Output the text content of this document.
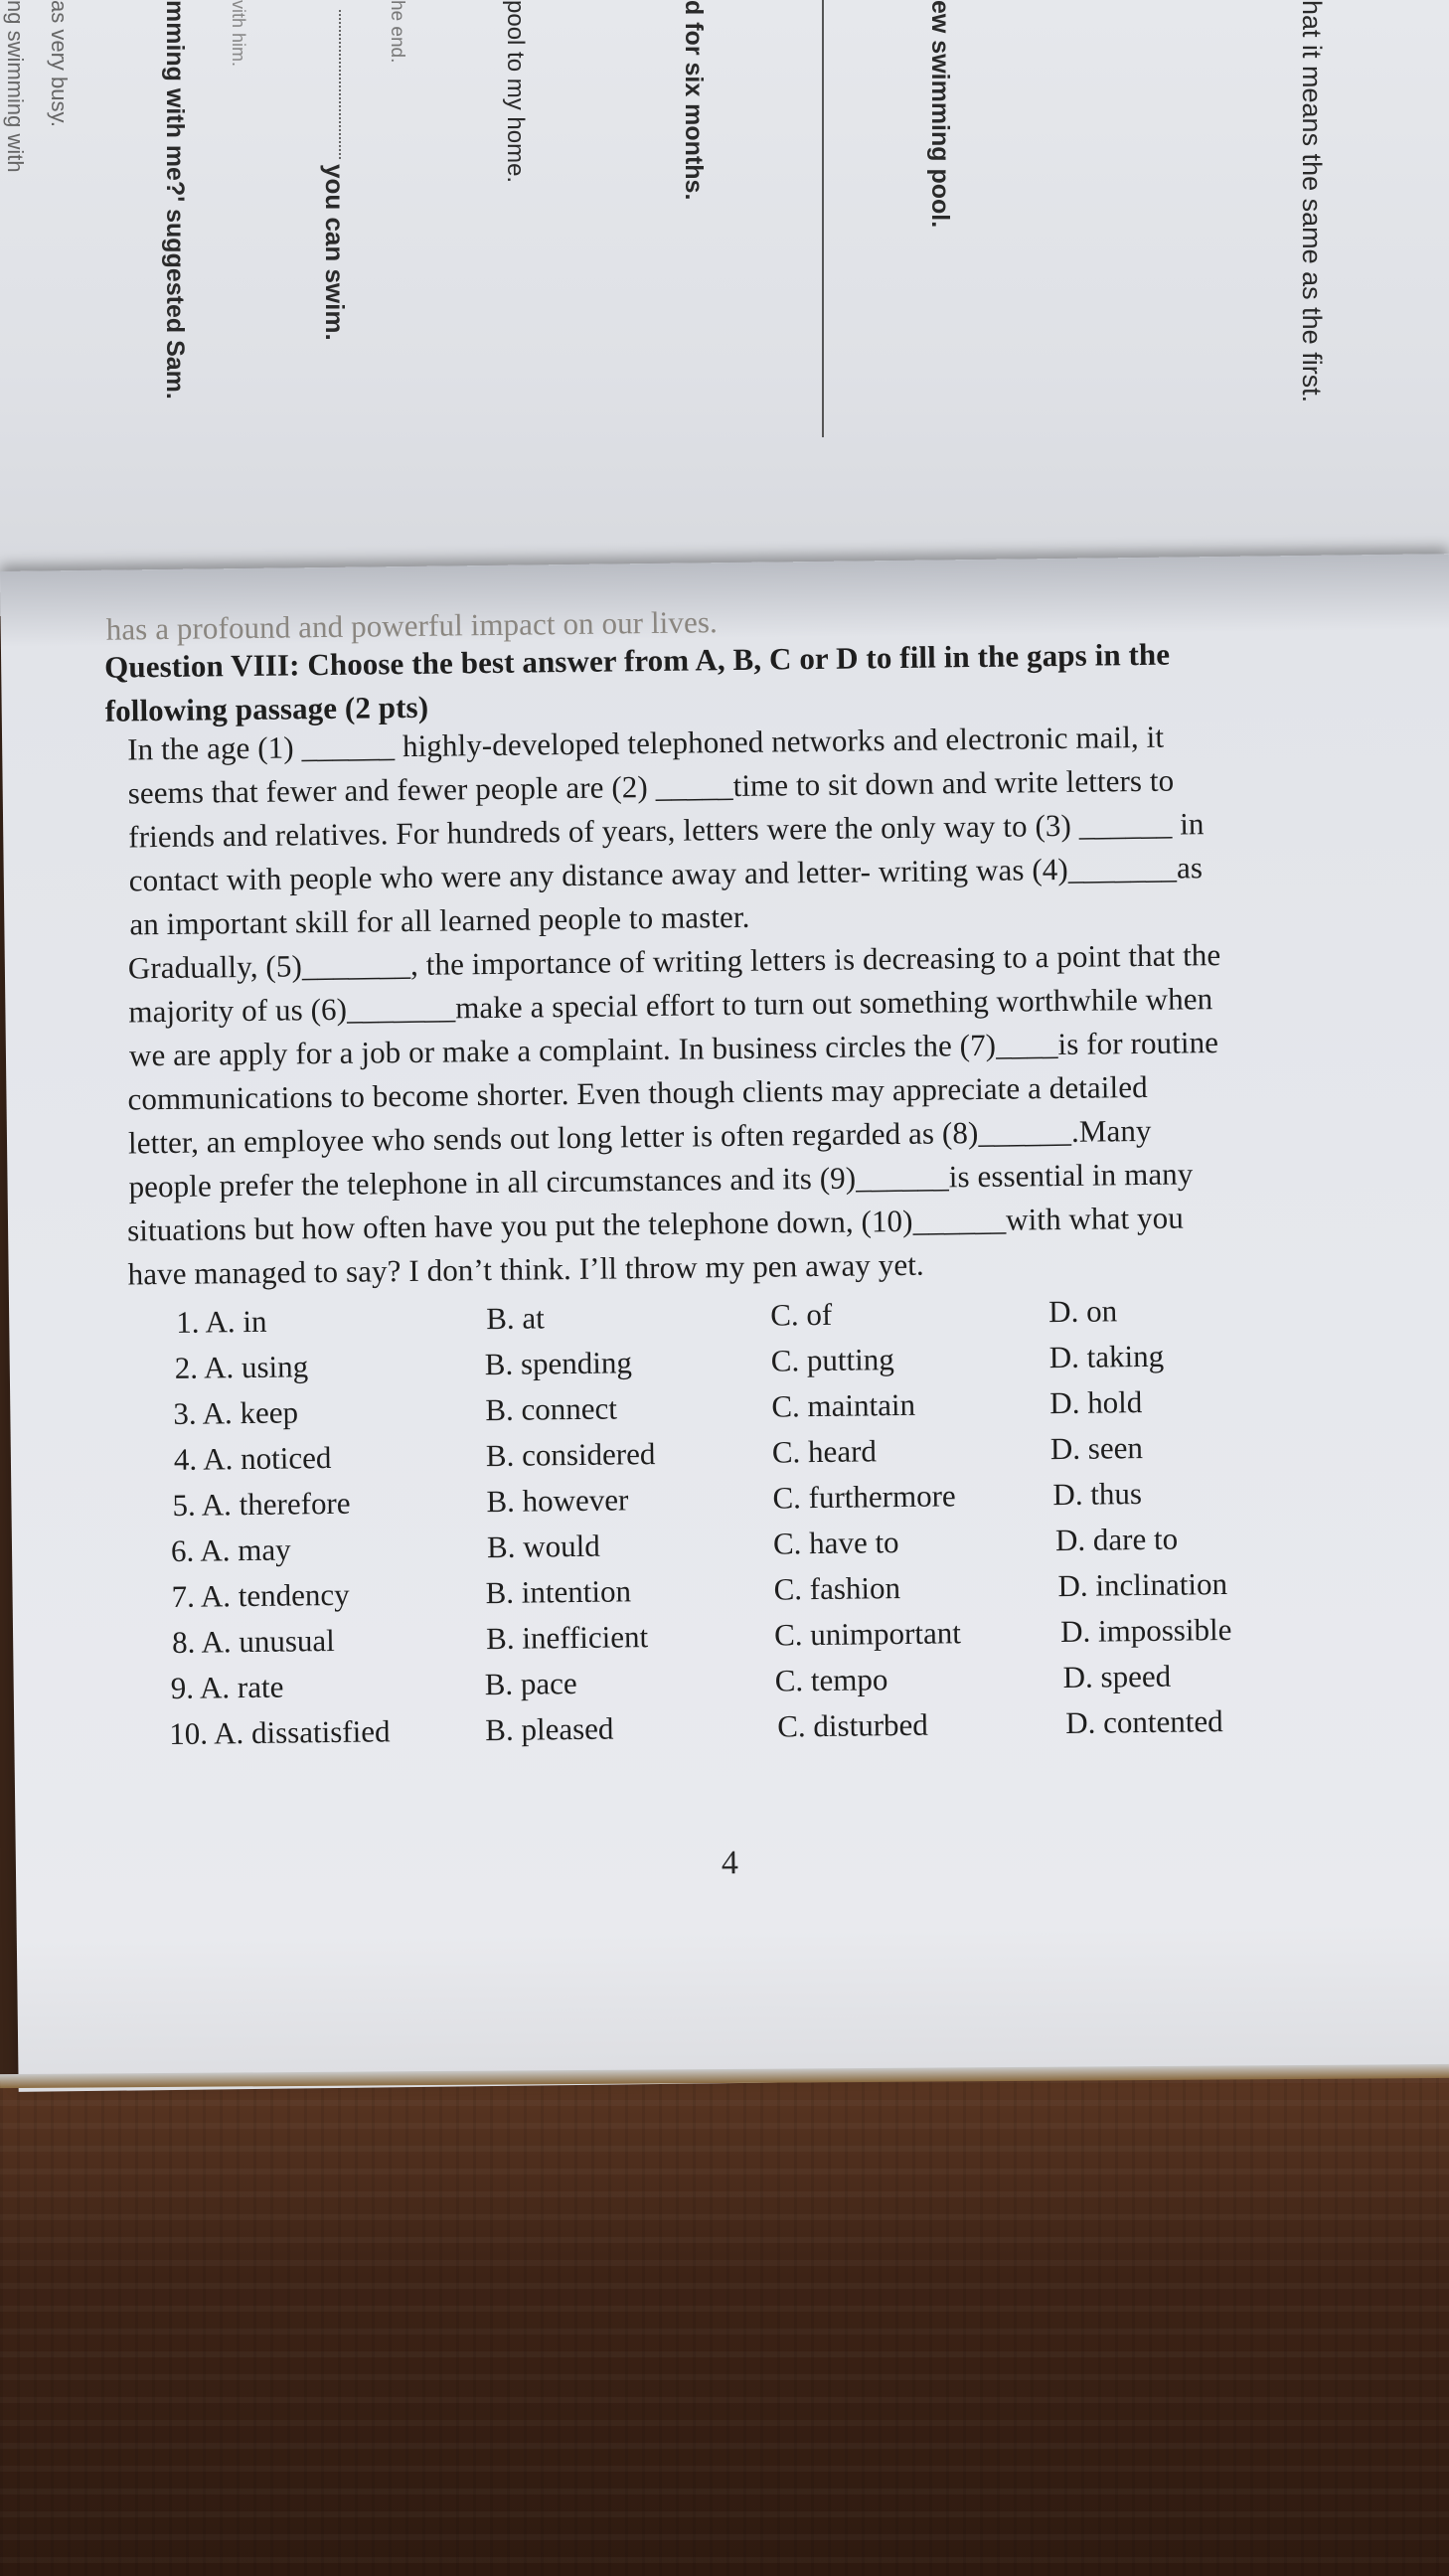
hat it means the same as the first.
ew swimming pool.
d for six months.
pool to my home.
he end.
you can swim.
vith him.
mming with me?' suggested Sam.
as very busy.
ng swimming with
has a profound and powerful impact on our lives.
Question VIII: Choose the best answer from A, B, C or D to fill in the gaps in the
following passage (2 pts)
In the age (1) ______ highly-developed telephoned networks and electronic mail, it
seems that fewer and fewer people are (2) _____time to sit down and write letters to
friends and relatives. For hundreds of years, letters were the only way to (3) ______ in
contact with people who were any distance away and letter- writing was (4)_______as
an important skill for all learned people to master.
Gradually, (5)_______, the importance of writing letters is decreasing to a point that the
majority of us (6)_______make a special effort to turn out something worthwhile when
we are apply for a job or make a complaint. In business circles the (7)____is for routine
communications to become shorter. Even though clients may appreciate a detailed
letter, an employee who sends out long letter is often regarded as (8)______.Many
people prefer the telephone in all circumstances and its (9)______is essential in many
situations but how often have you put the telephone down, (10)______with what you
have managed to say? I don’t think. I’ll throw my pen away yet.
1. A. in	B. at	C. of	D. on
2. A. using	B. spending	C. putting	D. taking
3. A. keep	B. connect	C. maintain	D. hold
4. A. noticed	B. considered	C. heard	D. seen
5. A. therefore	B. however	C. furthermore	D. thus
6. A. may	B. would	C. have to	D. dare to
7. A. tendency	B. intention	C. fashion	D. inclination
8. A. unusual	B. inefficient	C. unimportant	D. impossible
9. A. rate	B. pace	C. tempo	D. speed
10. A. dissatisfied	B. pleased	C. disturbed	D. contented
4
